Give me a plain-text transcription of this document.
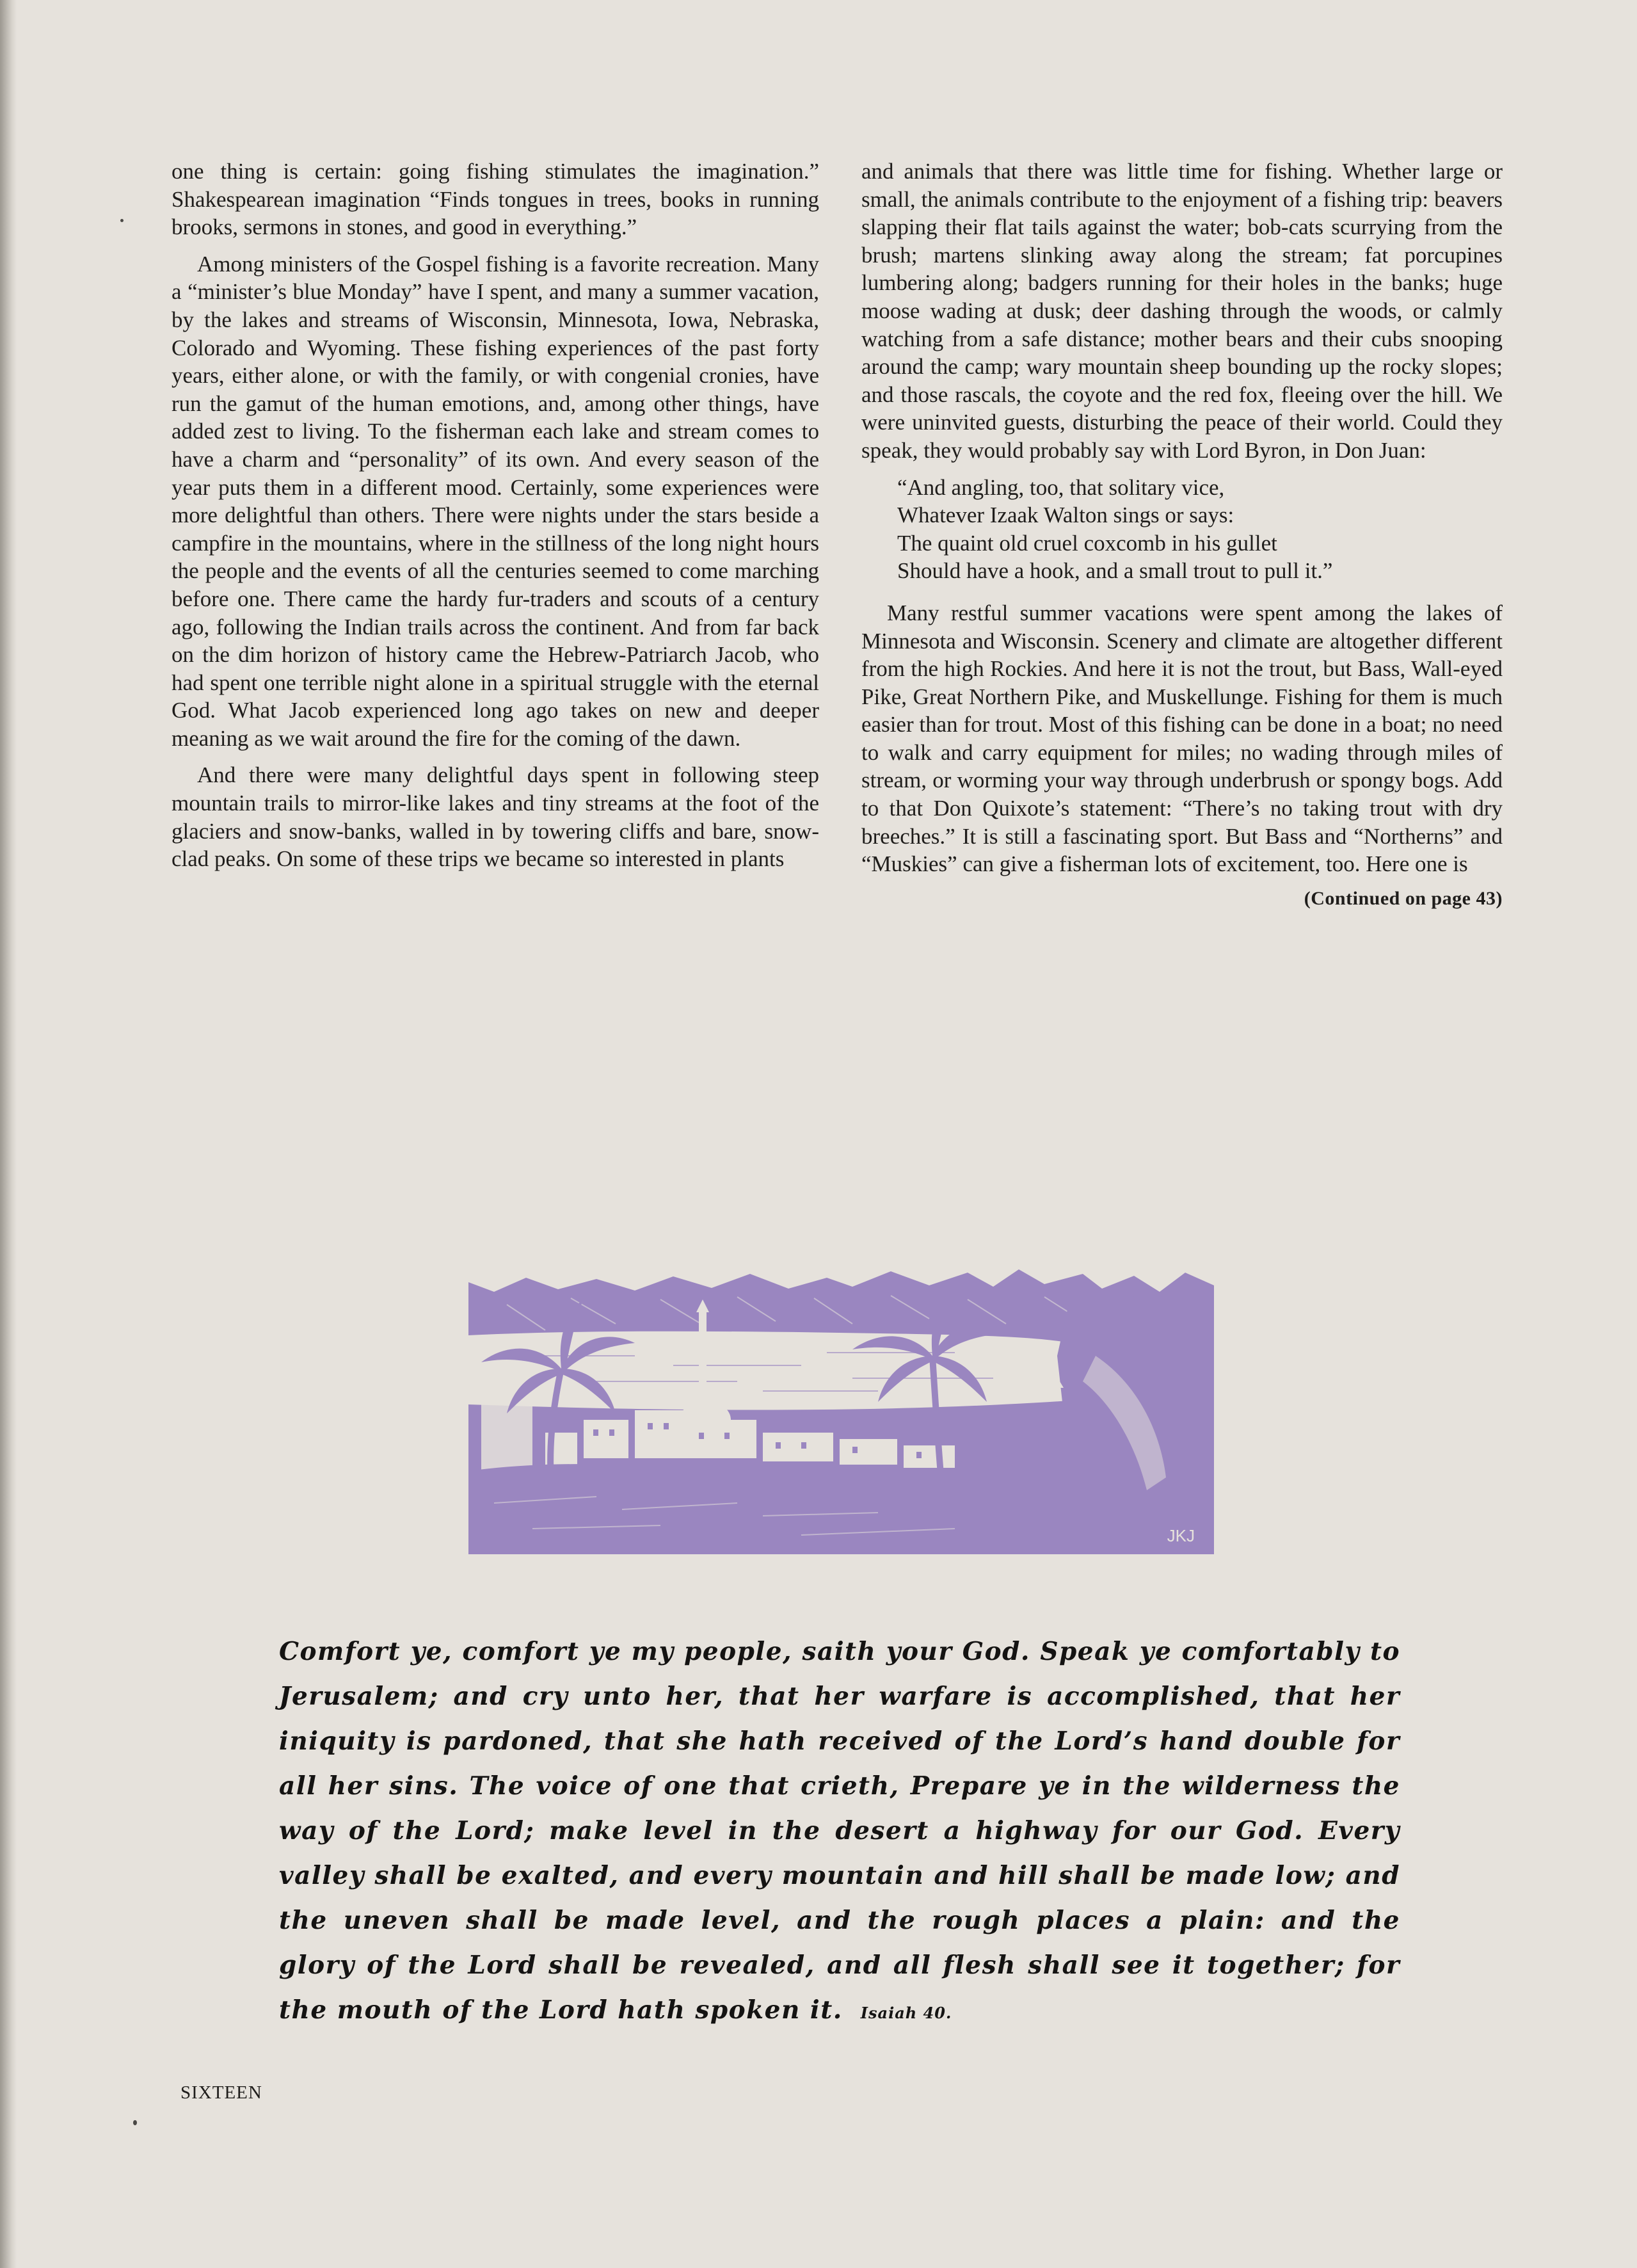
one thing is certain: going fishing stimulates the imagination.” Shakespearean imagination “Finds tongues in trees, books in running brooks, sermons in stones, and good in everything.”

Among ministers of the Gospel fishing is a favorite recreation. Many a “minister’s blue Monday” have I spent, and many a summer vacation, by the lakes and streams of Wisconsin, Minnesota, Iowa, Nebraska, Colorado and Wyoming. These fishing experiences of the past forty years, either alone, or with the family, or with congenial cronies, have run the gamut of the human emotions, and, among other things, have added zest to living. To the fisherman each lake and stream comes to have a charm and “personality” of its own. And every season of the year puts them in a different mood. Certainly, some experiences were more delightful than others. There were nights under the stars beside a campfire in the mountains, where in the stillness of the long night hours the people and the events of all the centuries seemed to come marching before one. There came the hardy fur-traders and scouts of a century ago, following the Indian trails across the continent. And from far back on the dim horizon of history came the Hebrew-Patriarch Jacob, who had spent one terrible night alone in a spiritual struggle with the eternal God. What Jacob experienced long ago takes on new and deeper meaning as we wait around the fire for the coming of the dawn.

And there were many delightful days spent in following steep mountain trails to mirror-like lakes and tiny streams at the foot of the glaciers and snow-banks, walled in by towering cliffs and bare, snow-clad peaks. On some of these trips we became so interested in plants

and animals that there was little time for fishing. Whether large or small, the animals contribute to the enjoyment of a fishing trip: beavers slapping their flat tails against the water; bob-cats scurrying from the brush; martens slinking away along the stream; fat porcupines lumbering along; badgers running for their holes in the banks; huge moose wading at dusk; deer dashing through the woods, or calmly watching from a safe distance; mother bears and their cubs snooping around the camp; wary mountain sheep bounding up the rocky slopes; and those rascals, the coyote and the red fox, fleeing over the hill. We were uninvited guests, disturbing the peace of their world. Could they speak, they would probably say with Lord Byron, in Don Juan:

“And angling, too, that solitary vice,
Whatever Izaak Walton sings or says:
The quaint old cruel coxcomb in his gullet
Should have a hook, and a small trout to pull it.”

Many restful summer vacations were spent among the lakes of Minnesota and Wisconsin. Scenery and climate are altogether different from the high Rockies. And here it is not the trout, but Bass, Wall-eyed Pike, Great Northern Pike, and Muskellunge. Fishing for them is much easier than for trout. Most of this fishing can be done in a boat; no need to walk and carry equipment for miles; no wading through miles of stream, or worming your way through underbrush or spongy bogs. Add to that Don Quixote’s statement: “There’s no taking trout with dry breeches.” It is still a fascinating sport. But Bass and “Northerns” and “Muskies” can give a fisherman lots of excitement, too. Here one is

(Continued on page 43)
JKJ
Comfort ye, comfort ye my people, saith your God. Speak ye comfortably to Jerusalem; and cry unto her, that her warfare is accomplished, that her iniquity is pardoned, that she hath received of the Lord’s hand double for all her sins. The voice of one that crieth, Prepare ye in the wilderness the way of the Lord; make level in the desert a highway for our God. Every valley shall be exalted, and every mountain and hill shall be made low; and the uneven shall be made level, and the rough places a plain: and the glory of the Lord shall be revealed, and all flesh shall see it together; for the mouth of the Lord hath spoken it. Isaiah 40.
SIXTEEN
